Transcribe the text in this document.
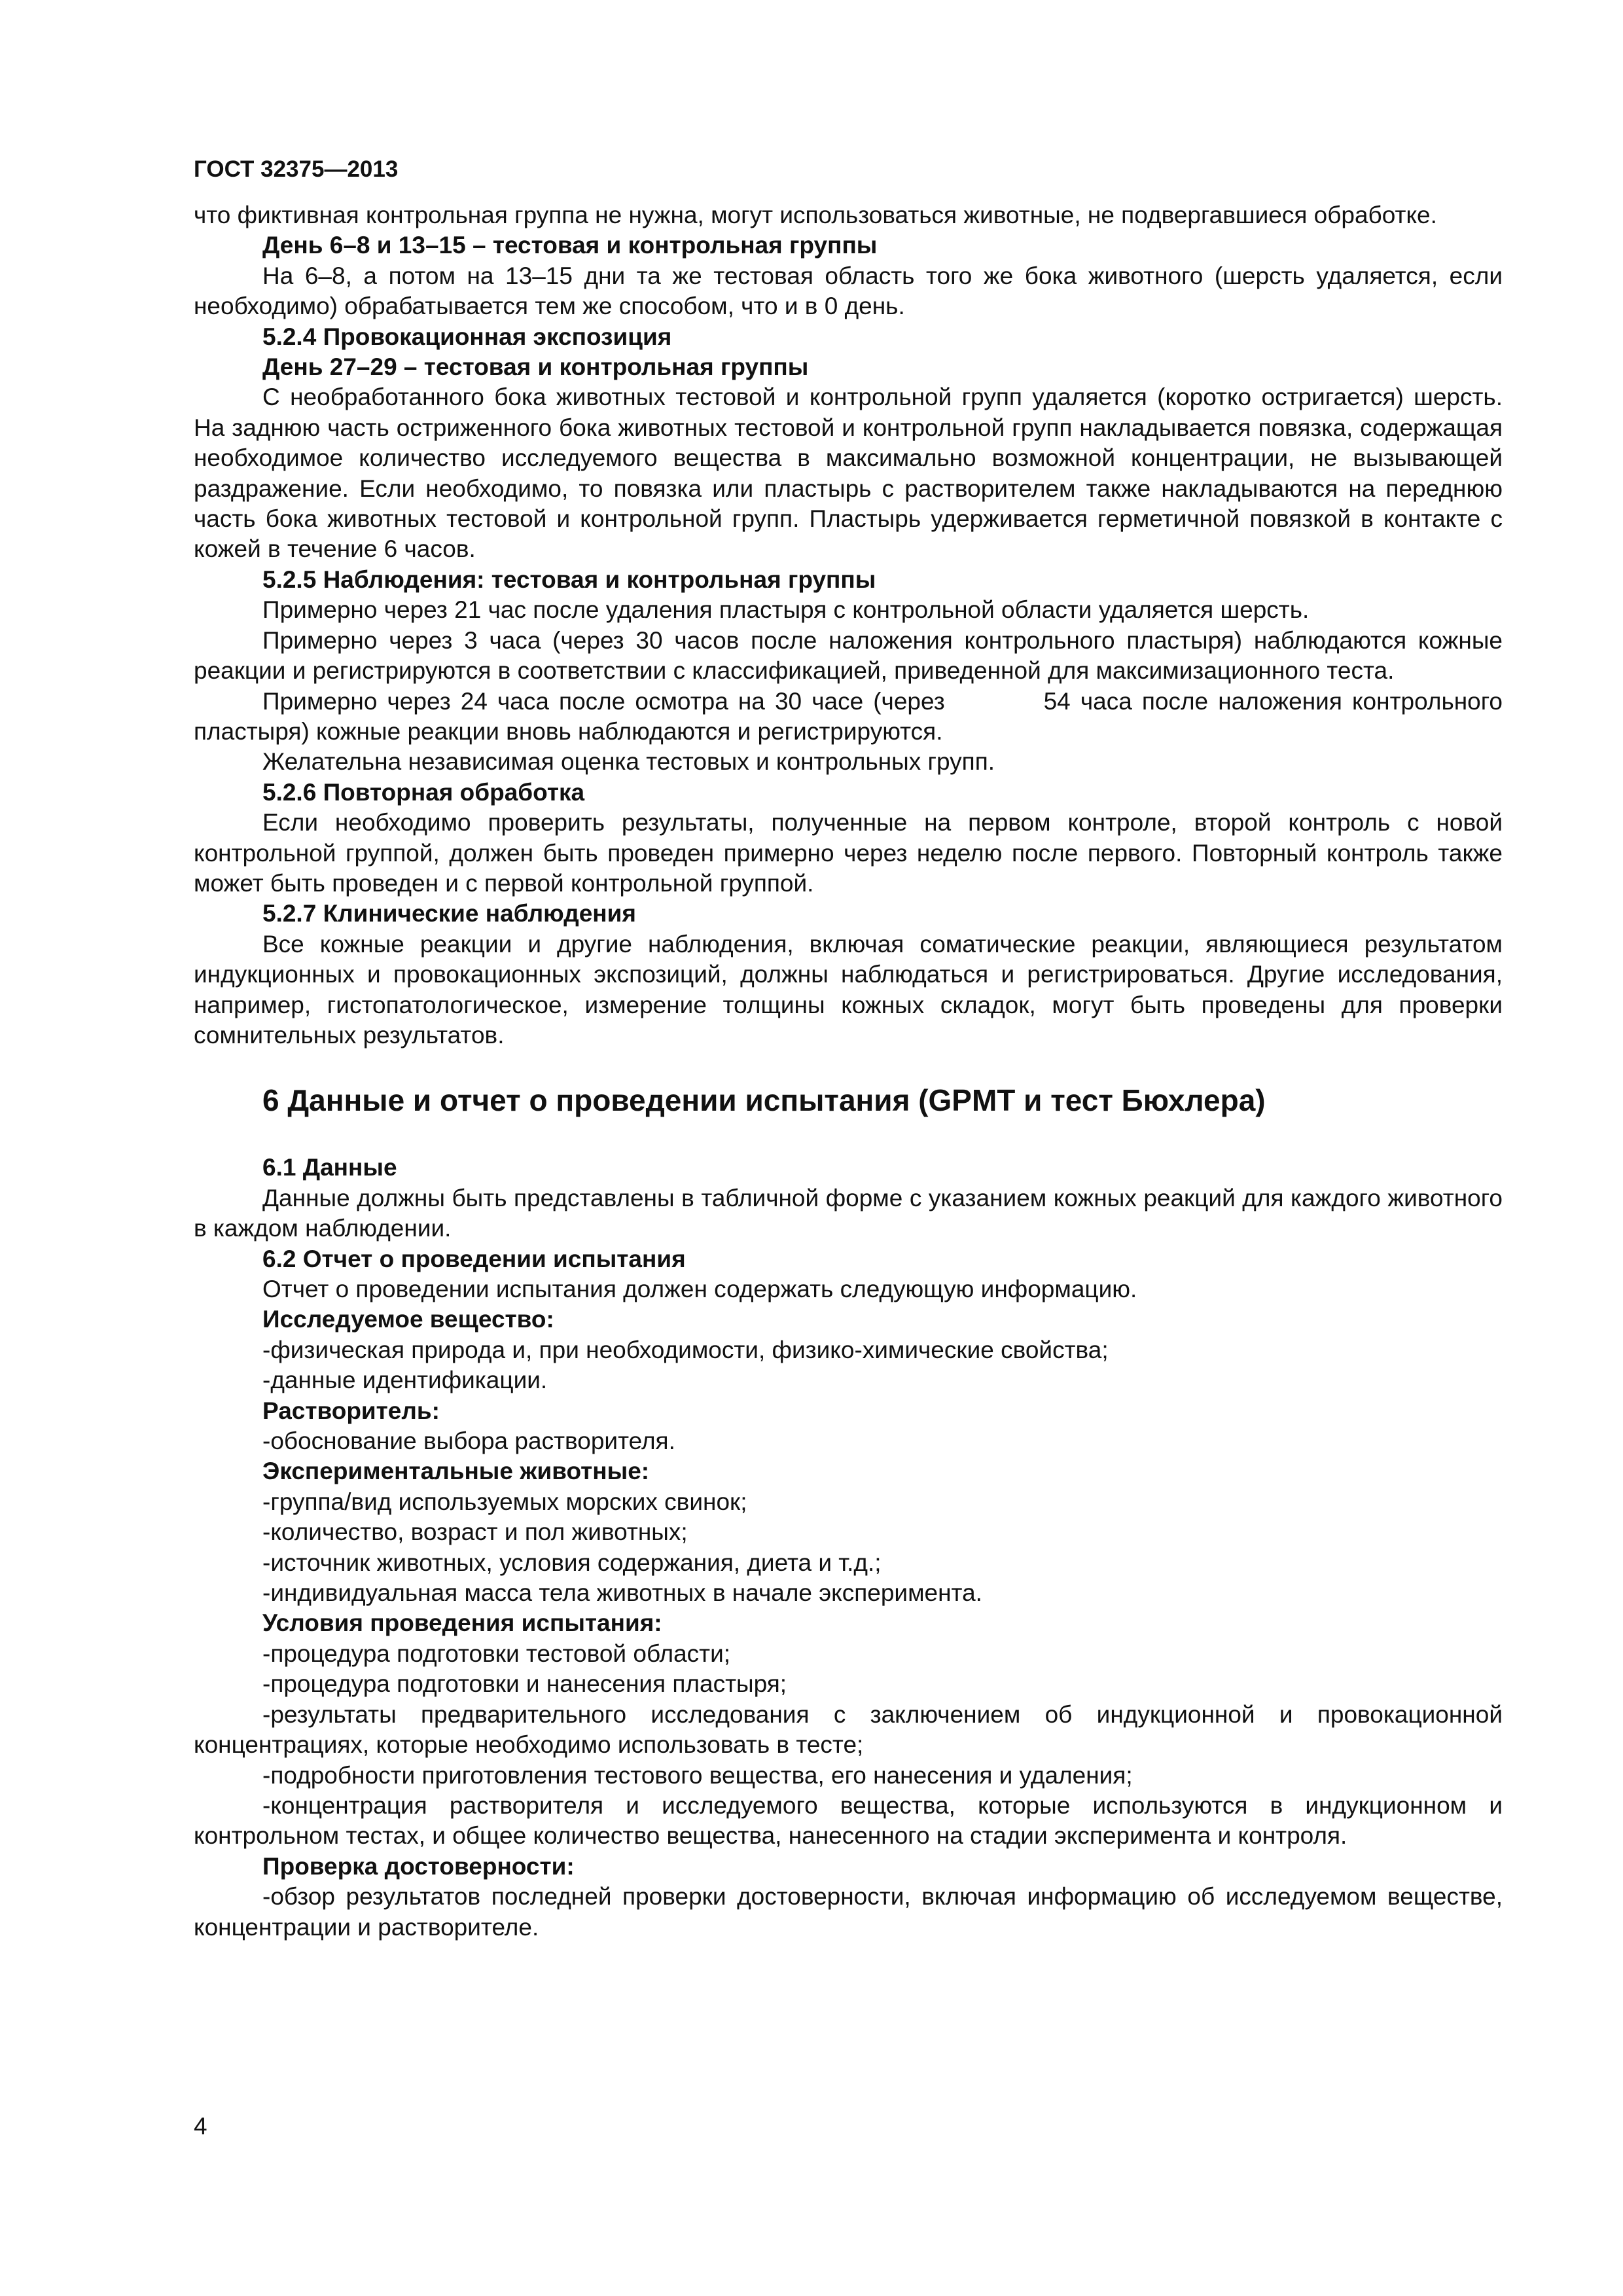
ГОСТ 32375—2013

что фиктивная контрольная группа не нужна, могут использоваться животные, не подвергавшиеся обработке.

День 6–8 и 13–15 – тестовая и контрольная группы

На 6–8, а потом на 13–15 дни та же тестовая область того же бока животного (шерсть удаляется, если необходимо) обрабатывается тем же способом, что и в 0 день.

5.2.4 Провокационная экспозиция

День 27–29 – тестовая и контрольная группы

С необработанного бока животных тестовой и контрольной групп удаляется (коротко остригается) шерсть. На заднюю часть остриженного бока животных тестовой и контрольной групп накладывается повязка, содержащая необходимое количество исследуемого вещества в максимально возможной концентрации, не вызывающей раздражение. Если необходимо, то повязка или пластырь с растворителем также накладываются на переднюю часть бока животных тестовой и контрольной групп. Пластырь удерживается герметичной повязкой в контакте с кожей в течение 6 часов.

5.2.5 Наблюдения: тестовая и контрольная группы

Примерно через 21 час после удаления пластыря с контрольной области удаляется шерсть.

Примерно через 3 часа (через 30 часов после наложения контрольного пластыря) наблюдаются кожные реакции и регистрируются в соответствии с классификацией, приведенной для максимизационного теста.

Примерно через 24 часа после осмотра на 30 часе (через          54 часа после наложения контрольного пластыря) кожные реакции вновь наблюдаются и регистрируются.

Желательна независимая оценка тестовых и контрольных групп.

5.2.6 Повторная обработка

Если необходимо проверить результаты, полученные на первом контроле, второй контроль с новой контрольной группой, должен быть проведен примерно через неделю после первого. Повторный контроль также может быть проведен и с первой контрольной группой.

5.2.7 Клинические наблюдения

Все кожные реакции и другие наблюдения, включая соматические реакции, являющиеся результатом индукционных и провокационных экспозиций, должны наблюдаться и регистрироваться. Другие исследования, например, гистопатологическое, измерение толщины кожных складок, могут быть проведены для проверки сомнительных результатов.

6 Данные и отчет о проведении испытания (GPMT и тест Бюхлера)

6.1 Данные

Данные должны быть представлены в табличной форме с указанием кожных реакций для каждого животного в каждом наблюдении.

6.2 Отчет о проведении испытания

Отчет о проведении испытания должен содержать следующую информацию.

Исследуемое вещество:

-физическая природа и, при необходимости, физико-химические свойства;

-данные идентификации.

Растворитель:

-обоснование выбора растворителя.

Экспериментальные животные:

-группа/вид используемых морских свинок;

-количество, возраст и пол животных;

-источник животных, условия содержания, диета и т.д.;

-индивидуальная масса тела животных в начале эксперимента.

Условия проведения испытания:

-процедура подготовки тестовой области;

-процедура подготовки и нанесения пластыря;

-результаты предварительного исследования с заключением об индукционной и провокационной концентрациях, которые необходимо использовать в тесте;

-подробности приготовления тестового вещества, его нанесения и удаления;

-концентрация растворителя и исследуемого вещества, которые используются в индукционном и контрольном тестах, и общее количество вещества, нанесенного на стадии эксперимента и контроля.

Проверка достоверности:

-обзор результатов последней проверки достоверности, включая информацию об исследуемом веществе, концентрации и растворителе.

4
